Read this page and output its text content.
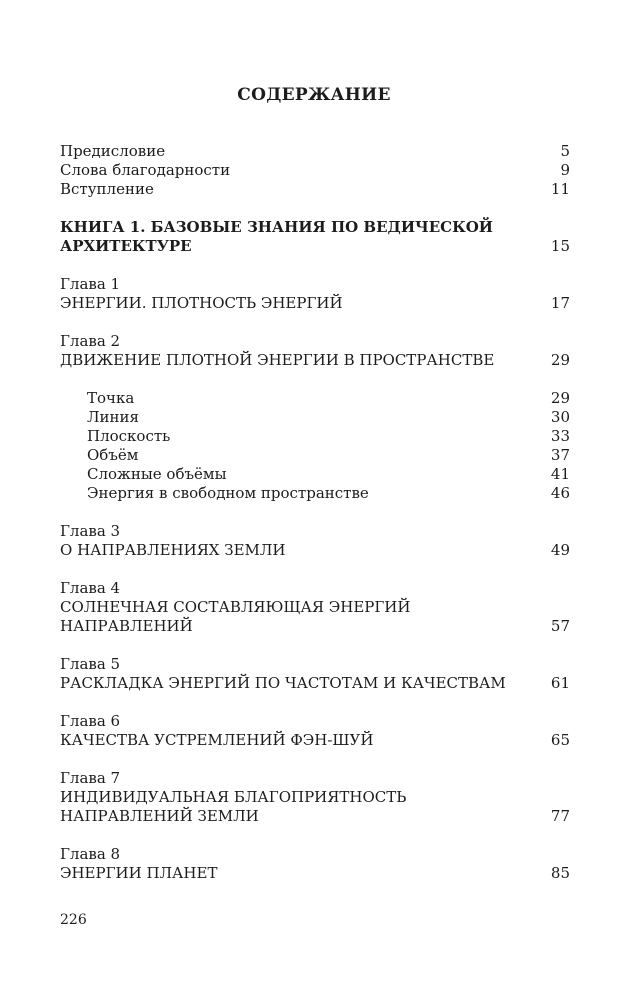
СОДЕРЖАНИЕ
Предисловие	5
Слова благодарности	9
Вступление	11
КНИГА 1. БАЗОВЫЕ ЗНАНИЯ ПО ВЕДИЧЕСКОЙ
АРХИТЕКТУРЕ	15
Глава 1
ЭНЕРГИИ. ПЛОТНОСТЬ ЭНЕРГИЙ	17
Глава 2
ДВИЖЕНИЕ ПЛОТНОЙ ЭНЕРГИИ В ПРОСТРАНСТВЕ	29
Точка	29
Линия	30
Плоскость	33
Объём	37
Сложные объёмы	41
Энергия в свободном пространстве	46
Глава 3
О НАПРАВЛЕНИЯХ ЗЕМЛИ	49
Глава 4
СОЛНЕЧНАЯ СОСТАВЛЯЮЩАЯ ЭНЕРГИЙ
НАПРАВЛЕНИЙ	57
Глава 5
РАСКЛАДКА ЭНЕРГИЙ ПО ЧАСТОТАМ И КАЧЕСТВАМ	61
Глава 6
КАЧЕСТВА УСТРЕМЛЕНИЙ ФЭН-ШУЙ	65
Глава 7
ИНДИВИДУАЛЬНАЯ БЛАГОПРИЯТНОСТЬ
НАПРАВЛЕНИЙ ЗЕМЛИ	77
Глава 8
ЭНЕРГИИ ПЛАНЕТ	85
226
